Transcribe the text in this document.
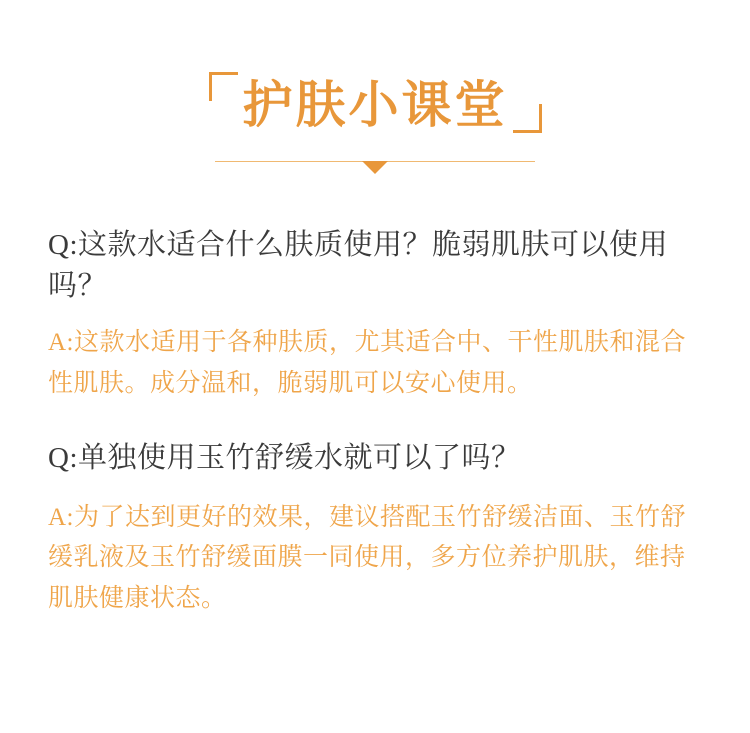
护肤小课堂
Q:这款水适合什么肤质使用？脆弱肌肤可以使用吗？
A:这款水适用于各种肤质，尤其适合中、干性肌肤和混合性肌肤。成分温和，脆弱肌可以安心使用。
Q:单独使用玉竹舒缓水就可以了吗？
A:为了达到更好的效果，建议搭配玉竹舒缓洁面、玉竹舒缓乳液及玉竹舒缓面膜一同使用，多方位养护肌肤，维持肌肤健康状态。
